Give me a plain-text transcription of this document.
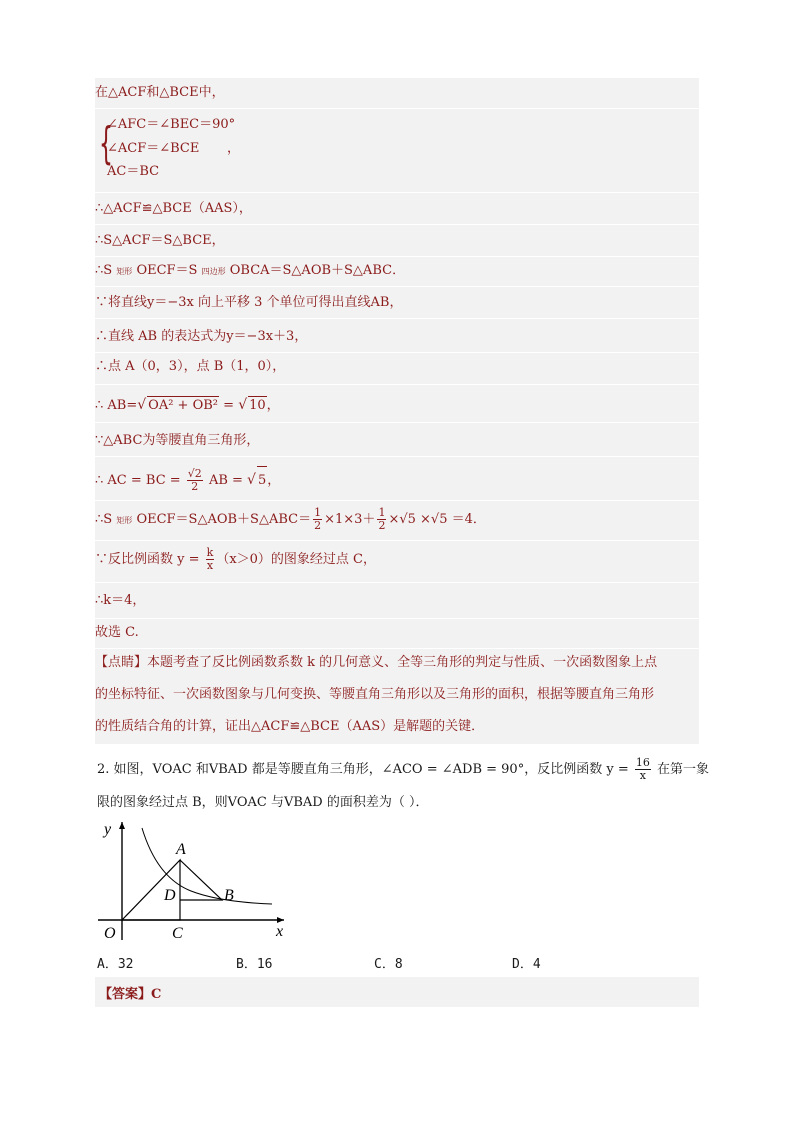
在△ACF和△BCE中，
{
∠AFC＝∠BEC＝90°
∠ACF＝∠BCE
AC＝BC
，
∴△ACF≌△BCE（AAS），
∴S△ACF＝S△BCE，
∴S 矩形 OECF＝S 四边形 OBCA＝S△AOB＋S△ABC．
∵将直线y＝−3x 向上平移 3 个单位可得出直线AB，
∴直线 AB 的表达式为y＝−3x＋3，
∴点 A（0，3），点 B（1，0），
∴ AB=√ OA² + OB² = √ 10，
∵△ABC为等腰直角三角形，
∴ AC = BC = $\frac{√2}{2}$ AB = √ 5，
∴S 矩形 OECF＝S△AOB＋S△ABC＝ $\frac{1}{2} \times 1\times 3+ \frac{1}{2} \times√5 \times√5 =4$．
∵反比例函数 $y = \frac{k}{x} (x>0)$的图象经过点 C，
∴k＝4，
故选 C.
【点睛】本题考查了反比例函数系数 k 的几何意义、全等三角形的判定与性质、一次函数图象上点
的坐标特征、一次函数图象与几何变换、等腰直角三角形以及三角形的面积，根据等腰直角三角形
的性质结合角的计算，证出△ACF≌△BCE（AAS）是解题的关键．
2. 如图，VOAC 和VBAD 都是等腰直角三角形，∠ACO = ∠ADB = 90°，反比例函数 $y = \frac{16}{x}$ 在第一象
限的图象经过点 B，则VOAC 与VBAD 的面积差为（ ）．
y
x
O
A
B
C
D
A．32	B．16	C．8	D．4
【答案】C
